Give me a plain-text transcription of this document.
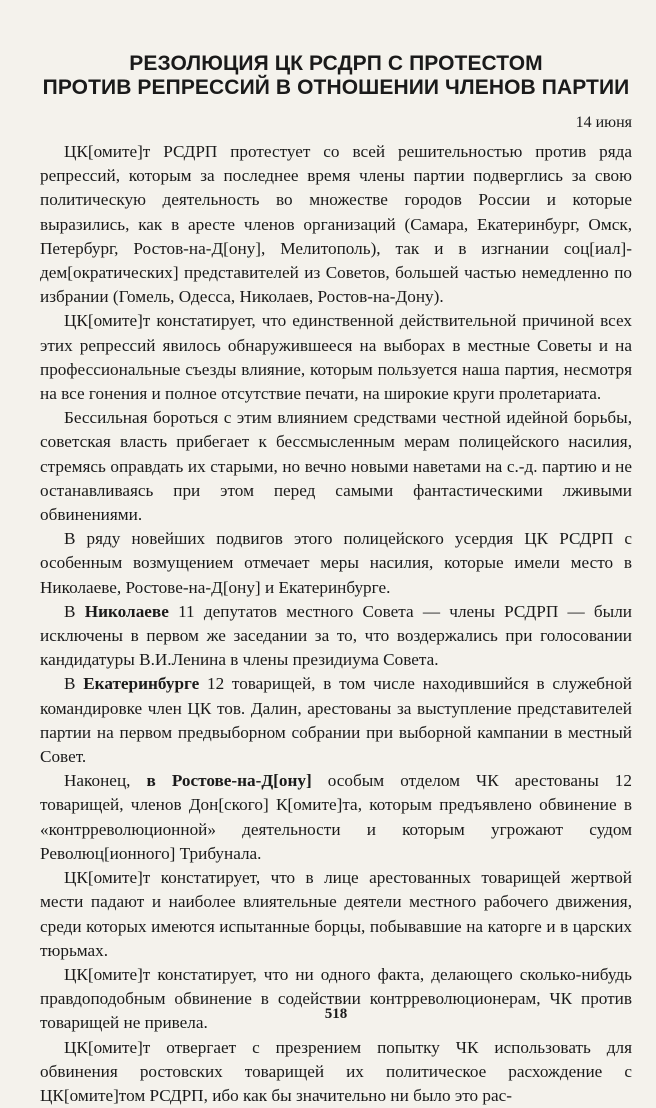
РЕЗОЛЮЦИЯ ЦК РСДРП С ПРОТЕСТОМ
ПРОТИВ РЕПРЕССИЙ В ОТНОШЕНИИ ЧЛЕНОВ ПАРТИИ
14 июня

ЦК[омите]т РСДРП протестует со всей решительностью против ряда репрессий, которым за последнее время члены партии подверглись за свою политическую деятельность во множестве городов России и которые выразились, как в аресте членов организаций (Самара, Екатеринбург, Омск, Петербург, Ростов-на-Д[ону], Мелитополь), так и в изгнании соц[иал]-дем[ократических] представителей из Советов, большей частью немедленно по избрании (Гомель, Одесса, Николаев, Ростов-на-Дону).

ЦК[омите]т констатирует, что единственной действительной причиной всех этих репрессий явилось обнаружившееся на выборах в местные Советы и на профессиональные съезды влияние, которым пользуется наша партия, несмотря на все гонения и полное отсутствие печати, на широкие круги пролетариата.

Бессильная бороться с этим влиянием средствами честной идейной борьбы, советская власть прибегает к бессмысленным мерам полицейского насилия, стремясь оправдать их старыми, но вечно новыми наветами на с.-д. партию и не останавливаясь при этом перед самыми фантастическими лживыми обвинениями.

В ряду новейших подвигов этого полицейского усердия ЦК РСДРП с особенным возмущением отмечает меры насилия, которые имели место в Николаеве, Ростове-на-Д[ону] и Екатеринбурге.

В Николаеве 11 депутатов местного Совета — члены РСДРП — были исключены в первом же заседании за то, что воздержались при голосовании кандидатуры В.И.Ленина в члены президиума Совета.

В Екатеринбурге 12 товарищей, в том числе находившийся в служебной командировке член ЦК тов. Далин, арестованы за выступление представителей партии на первом предвыборном собрании при выборной кампании в местный Совет.

Наконец, в Ростове-на-Д[ону] особым отделом ЧК арестованы 12 товарищей, членов Дон[ского] К[омите]та, которым предъявлено обвинение в «контрреволюционной» деятельности и которым угрожают судом Революц[ионного] Трибунала.

ЦК[омите]т констатирует, что в лице арестованных товарищей жертвой мести падают и наиболее влиятельные деятели местного рабочего движения, среди которых имеются испытанные борцы, побывавшие на каторге и в царских тюрьмах.

ЦК[омите]т констатирует, что ни одного факта, делающего сколько-нибудь правдоподобным обвинение в содействии контрреволюционерам, ЧК против товарищей не привела.

ЦК[омите]т отвергает с презрением попытку ЧК использовать для обвинения ростовских товарищей их политическое расхождение с ЦК[омите]том РСДРП, ибо как бы значительно ни было это рас-

518
